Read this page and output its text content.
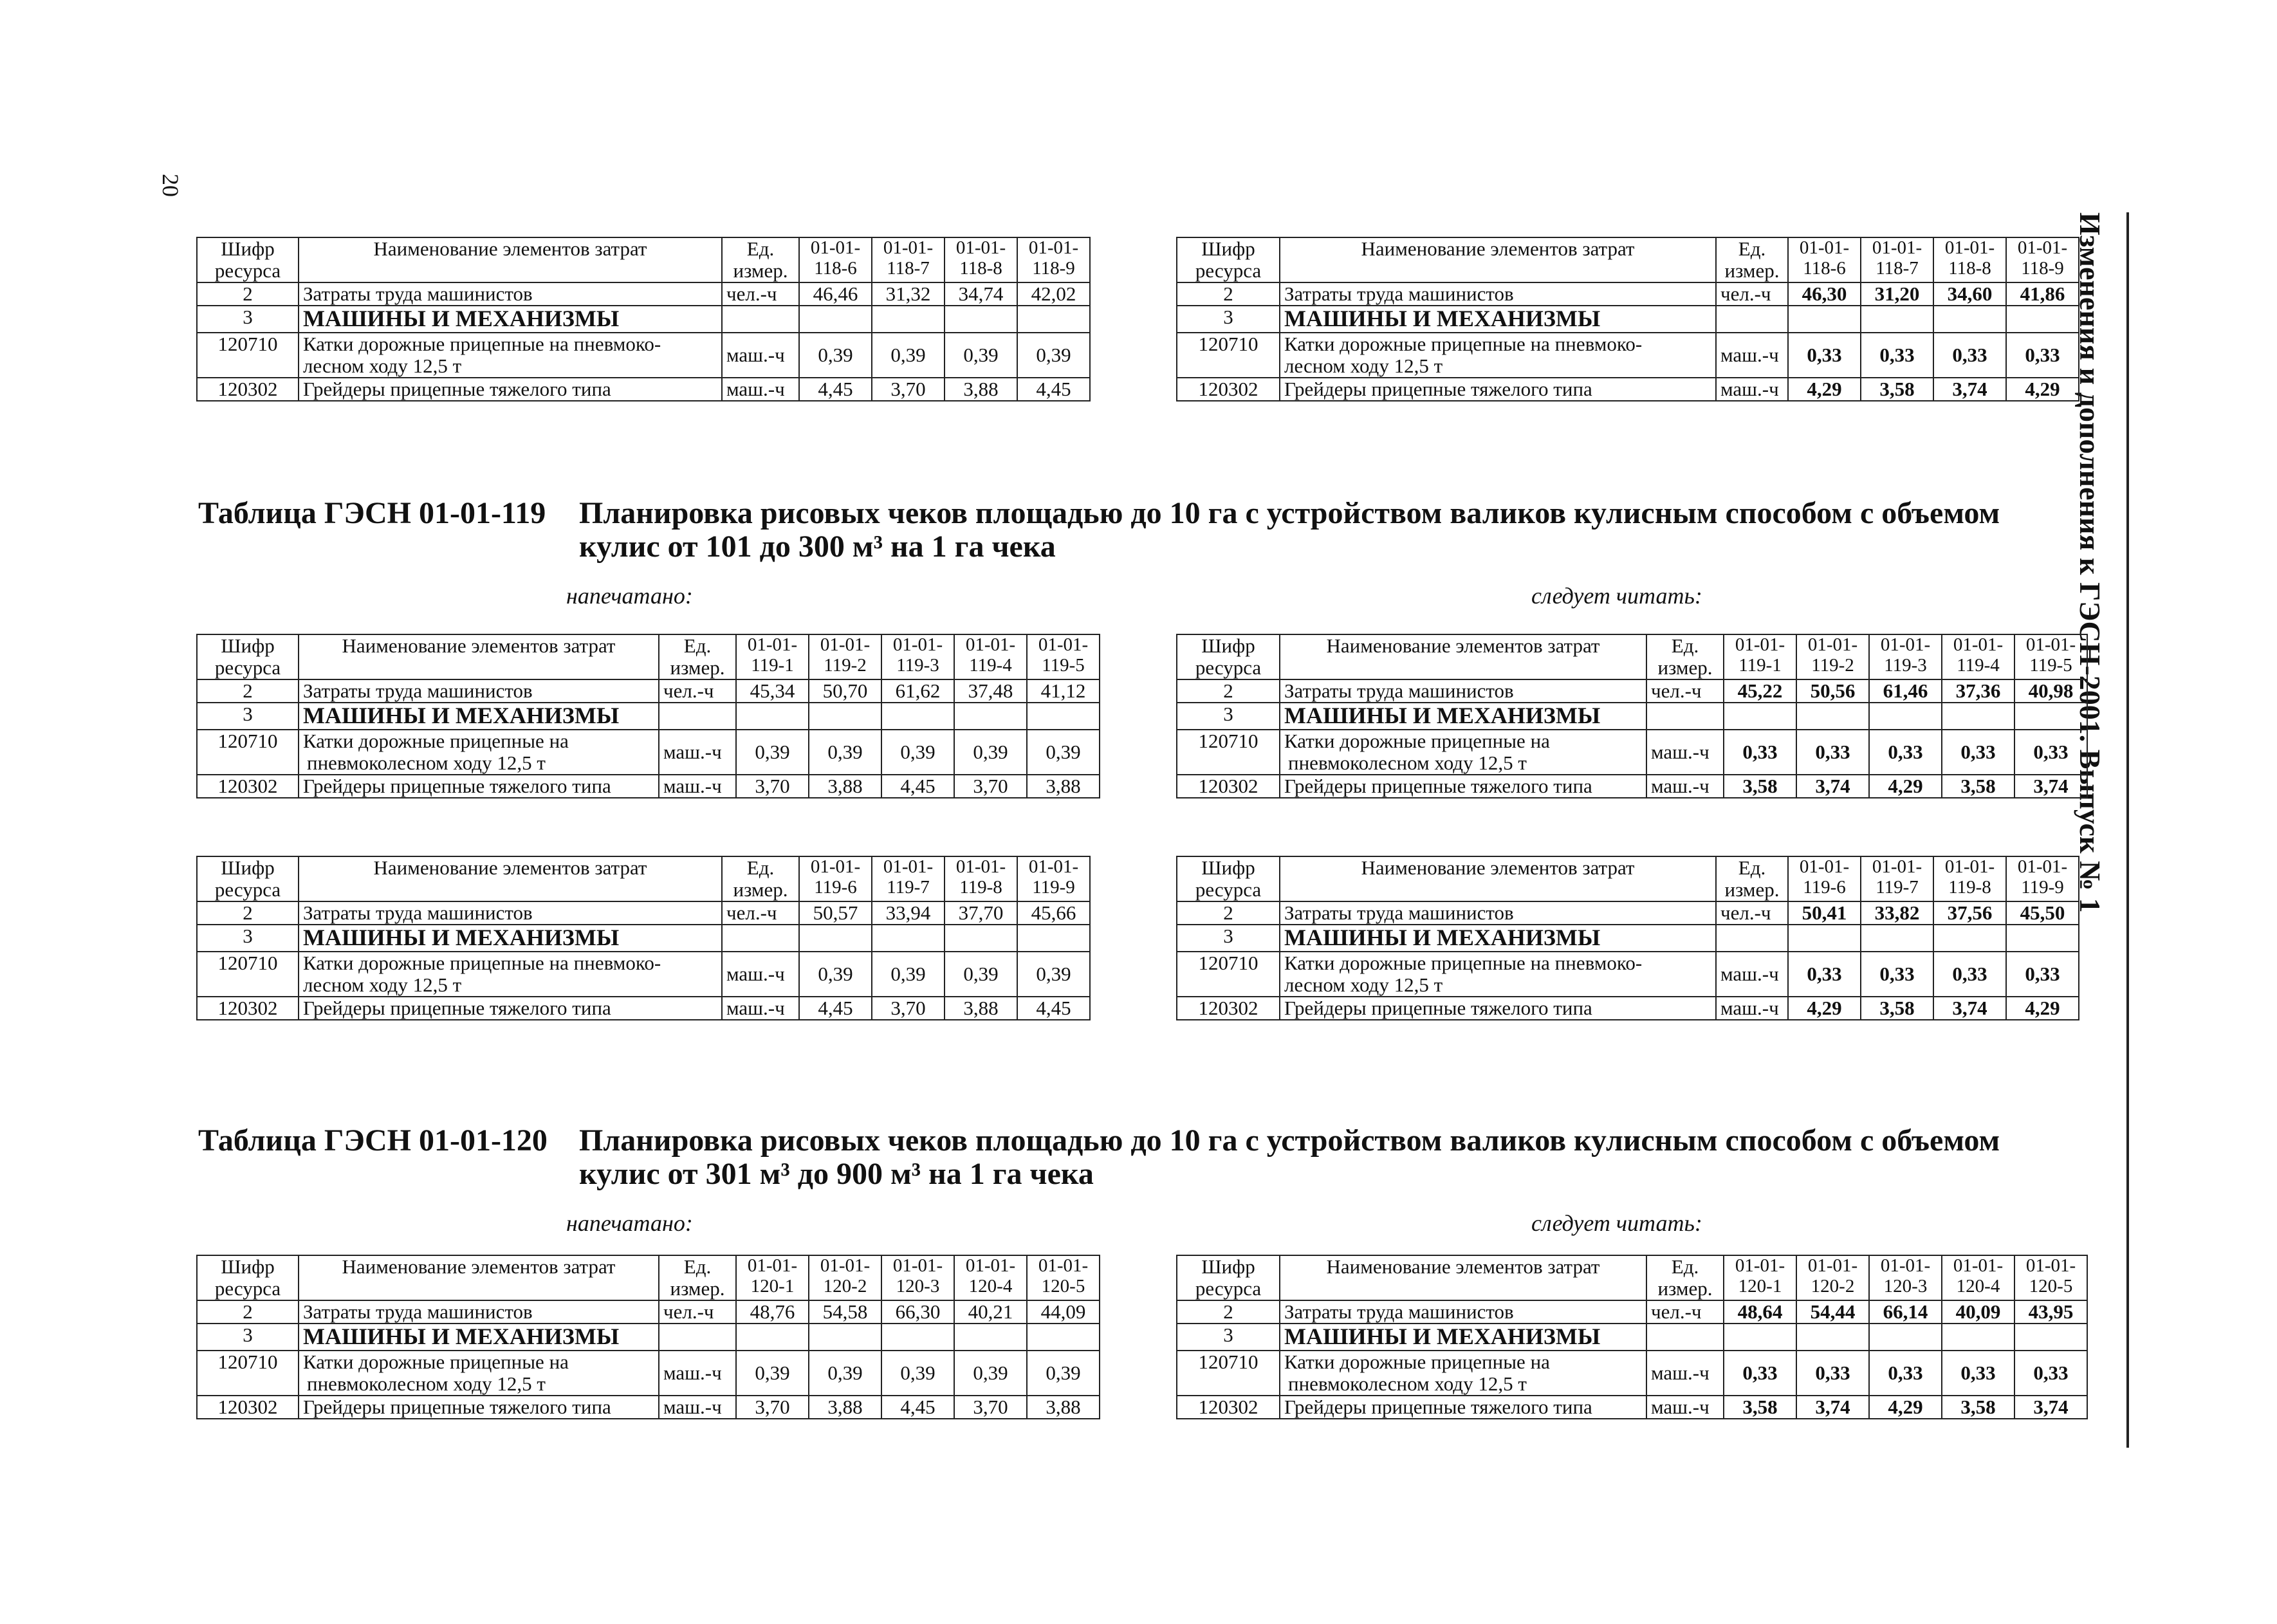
20
Изменения и дополнения к ГЭСН-2001. Выпуск № 1
Таблица ГЭСН 01-01-119 Планировка рисовых чеков площадью до 10 га с устройством валиков кулисным способом с объемом
кулис от 101 до 300 м³ на 1 га чека
напечатано:	следует читать:
Таблица ГЭСН 01-01-120 Планировка рисовых чеков площадью до 10 га с устройством валиков кулисным способом с объемом
кулис от 301 м³ до 900 м³ на 1 га чека
напечатано:	следует читать:
Шифр ресурса	Наименование элементов затрат	Ед. измер.	01-01-118-6	01-01-118-7	01-01-118-8	01-01-118-9
2	Затраты труда машинистов	чел.-ч	46,46	31,32	34,74	42,02
3	МАШИНЫ И МЕХАНИЗМЫ					
120710	Катки дорожные прицепные на пневмоко-
лесном ходу 12,5 т	маш.-ч	0,39	0,39	0,39	0,39
120302	Грейдеры прицепные тяжелого типа	маш.-ч	4,45	3,70	3,88	4,45
Шифр ресурса	Наименование элементов затрат	Ед. измер.	01-01-118-6	01-01-118-7	01-01-118-8	01-01-118-9
2	Затраты труда машинистов	чел.-ч	46,30	31,20	34,60	41,86
3	МАШИНЫ И МЕХАНИЗМЫ					
120710	Катки дорожные прицепные на пневмоко-
лесном ходу 12,5 т	маш.-ч	0,33	0,33	0,33	0,33
120302	Грейдеры прицепные тяжелого типа	маш.-ч	4,29	3,58	3,74	4,29
Шифр ресурса	Наименование элементов затрат	Ед. измер.	01-01-119-1	01-01-119-2	01-01-119-3	01-01-119-4	01-01-119-5
2	Затраты труда машинистов	чел.-ч	45,34	50,70	61,62	37,48	41,12
3	МАШИНЫ И МЕХАНИЗМЫ						
120710	Катки дорожные прицепные на
пневмоколесном ходу 12,5 т	маш.-ч	0,39	0,39	0,39	0,39	0,39
120302	Грейдеры прицепные тяжелого типа	маш.-ч	3,70	3,88	4,45	3,70	3,88
Шифр ресурса	Наименование элементов затрат	Ед. измер.	01-01-119-1	01-01-119-2	01-01-119-3	01-01-119-4	01-01-119-5
2	Затраты труда машинистов	чел.-ч	45,22	50,56	61,46	37,36	40,98
3	МАШИНЫ И МЕХАНИЗМЫ						
120710	Катки дорожные прицепные на
пневмоколесном ходу 12,5 т	маш.-ч	0,33	0,33	0,33	0,33	0,33
120302	Грейдеры прицепные тяжелого типа	маш.-ч	3,58	3,74	4,29	3,58	3,74
Шифр ресурса	Наименование элементов затрат	Ед. измер.	01-01-119-6	01-01-119-7	01-01-119-8	01-01-119-9
2	Затраты труда машинистов	чел.-ч	50,57	33,94	37,70	45,66
3	МАШИНЫ И МЕХАНИЗМЫ					
120710	Катки дорожные прицепные на пневмоко-
лесном ходу 12,5 т	маш.-ч	0,39	0,39	0,39	0,39
120302	Грейдеры прицепные тяжелого типа	маш.-ч	4,45	3,70	3,88	4,45
Шифр ресурса	Наименование элементов затрат	Ед. измер.	01-01-119-6	01-01-119-7	01-01-119-8	01-01-119-9
2	Затраты труда машинистов	чел.-ч	50,41	33,82	37,56	45,50
3	МАШИНЫ И МЕХАНИЗМЫ					
120710	Катки дорожные прицепные на пневмоко-
лесном ходу 12,5 т	маш.-ч	0,33	0,33	0,33	0,33
120302	Грейдеры прицепные тяжелого типа	маш.-ч	4,29	3,58	3,74	4,29
Шифр ресурса	Наименование элементов затрат	Ед. измер.	01-01-120-1	01-01-120-2	01-01-120-3	01-01-120-4	01-01-120-5
2	Затраты труда машинистов	чел.-ч	48,76	54,58	66,30	40,21	44,09
3	МАШИНЫ И МЕХАНИЗМЫ						
120710	Катки дорожные прицепные на
пневмоколесном ходу 12,5 т	маш.-ч	0,39	0,39	0,39	0,39	0,39
120302	Грейдеры прицепные тяжелого типа	маш.-ч	3,70	3,88	4,45	3,70	3,88
Шифр ресурса	Наименование элементов затрат	Ед. измер.	01-01-120-1	01-01-120-2	01-01-120-3	01-01-120-4	01-01-120-5
2	Затраты труда машинистов	чел.-ч	48,64	54,44	66,14	40,09	43,95
3	МАШИНЫ И МЕХАНИЗМЫ						
120710	Катки дорожные прицепные на
пневмоколесном ходу 12,5 т	маш.-ч	0,33	0,33	0,33	0,33	0,33
120302	Грейдеры прицепные тяжелого типа	маш.-ч	3,58	3,74	4,29	3,58	3,74
